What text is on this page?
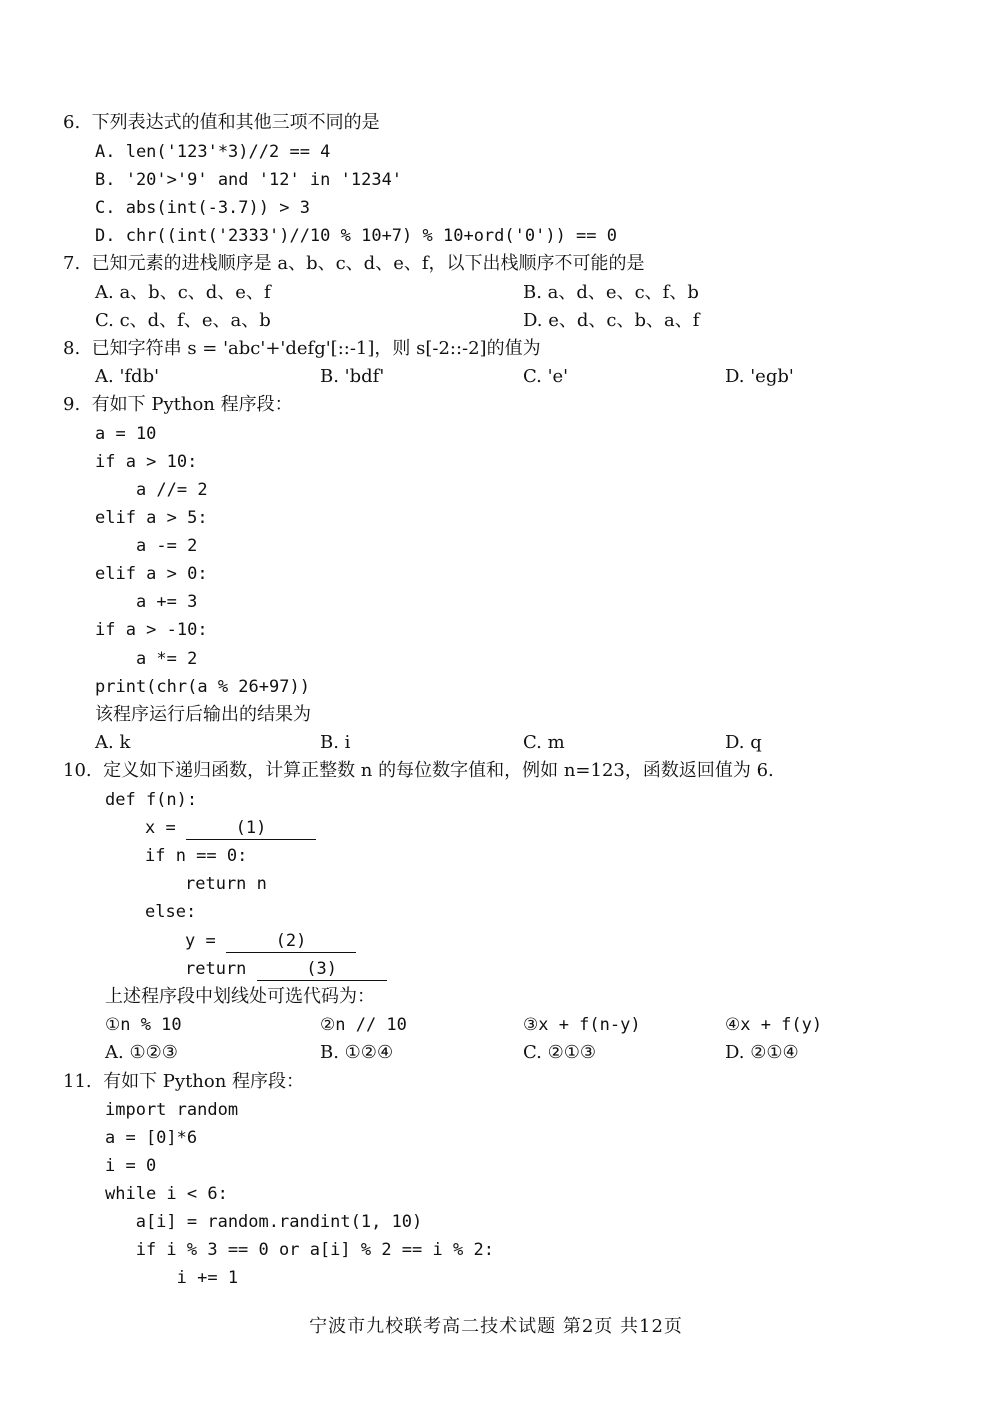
6.  下列表达式的值和其他三项不同的是
A. len('123'*3)//2 == 4
B. '20'>'9' and '12' in '1234'
C. abs(int(-3.7)) > 3
D. chr((int('2333')//10 % 10+7) % 10+ord('0')) == 0
7.  已知元素的进栈顺序是 a、b、c、d、e、f，以下出栈顺序不可能的是
A. a、b、c、d、e、f	B. a、d、e、c、f、b
C. c、d、f、e、a、b	D. e、d、c、b、a、f
8.  已知字符串 s = 'abc'+'defg'[::-1]，则 s[-2::-2]的值为
A. 'fdb'	B. 'bdf'	C. 'e'	D. 'egb'
9.  有如下 Python 程序段：
a = 10
if a > 10:
a //= 2
elif a > 5:
a -= 2
elif a > 0:
a += 3
if a > -10:
a *= 2
print(chr(a % 26+97))
该程序运行后输出的结果为
A. k	B. i	C. m	D. q
10.  定义如下递归函数，计算正整数 n 的每位数字值和，例如 n=123，函数返回值为 6.
def f(n):
x =	(1)
if n == 0:
return n
else:
y =	(2)
return	(3)
上述程序段中划线处可选代码为：
①n % 10	②n // 10	③x + f(n-y)	④x + f(y)
A. ①②③	B. ①②④	C. ②①③	D. ②①④
11.  有如下 Python 程序段：
import random
a = [0]*6
i = 0
while i < 6:
a[i] = random.randint(1, 10)
if i % 3 == 0 or a[i] % 2 == i % 2:
i += 1
宁波市九校联考高二技术试题 第2页 共12页
